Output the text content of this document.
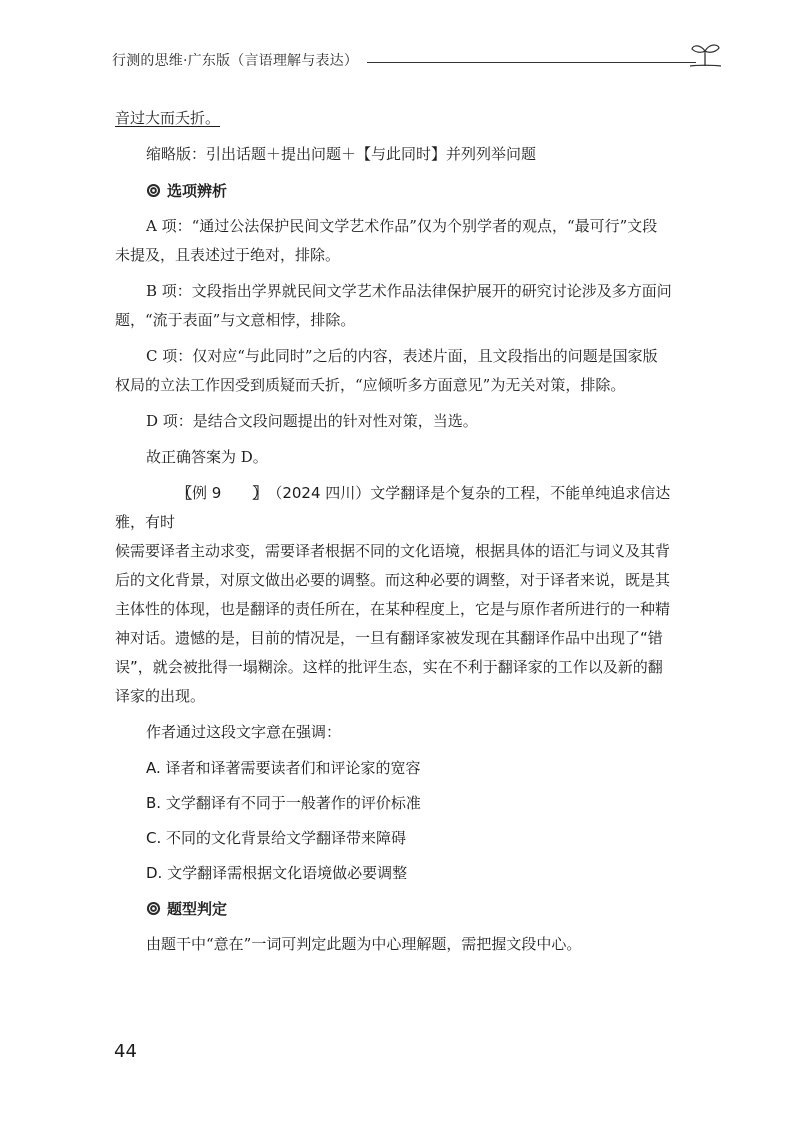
行测的思维·广东版（言语理解与表达）

音过大而夭折。

缩略版：引出话题＋提出问题＋【与此同时】并列列举问题

选项辨析

A 项：“通过公法保护民间文学艺术作品”仅为个别学者的观点，“最可行”文段

未提及，且表述过于绝对，排除。

B 项：文段指出学界就民间文学艺术作品法律保护展开的研究讨论涉及多方面问

题，“流于表面”与文意相悖，排除。

C 项：仅对应“与此同时”之后的内容，表述片面，且文段指出的问题是国家版

权局的立法工作因受到质疑而夭折，“应倾听多方面意见”为无关对策，排除。

D 项：是结合文段问题提出的针对性对策，当选。

故正确答案为 D。

〖例 9 〗（2024 四川）文学翻译是个复杂的工程，不能单纯追求信达雅，有时

候需要译者主动求变，需要译者根据不同的文化语境，根据具体的语汇与词义及其背

后的文化背景，对原文做出必要的调整。而这种必要的调整，对于译者来说，既是其

主体性的体现，也是翻译的责任所在，在某种程度上，它是与原作者所进行的一种精

神对话。遗憾的是，目前的情况是，一旦有翻译家被发现在其翻译作品中出现了“错

误”，就会被批得一塌糊涂。这样的批评生态，实在不利于翻译家的工作以及新的翻

译家的出现。

作者通过这段文字意在强调：

A. 译者和译著需要读者们和评论家的宽容
B. 文学翻译有不同于一般著作的评价标准
C. 不同的文化背景给文学翻译带来障碍
D. 文学翻译需根据文化语境做必要调整
题型判定

由题干中“意在”一词可判定此题为中心理解题，需把握文段中心。

44
